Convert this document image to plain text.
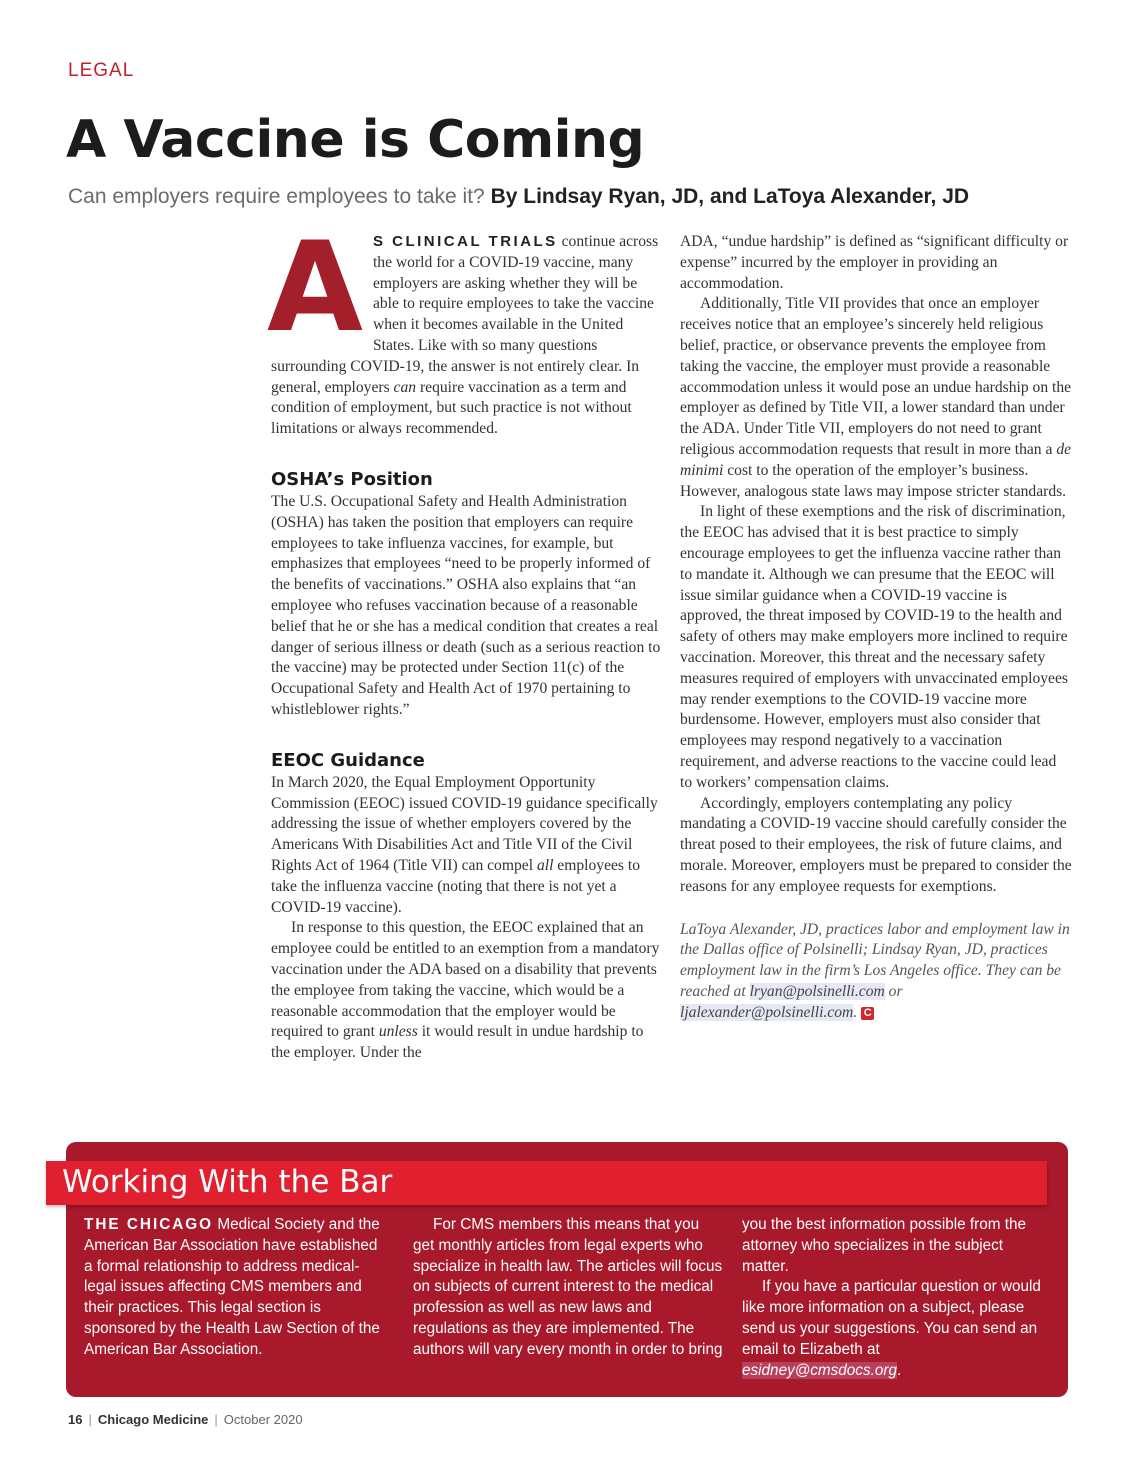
LEGAL
A Vaccine is Coming
Can employers require employees to take it? By Lindsay Ryan, JD, and LaToya Alexander, JD

A S CLINICAL TRIALS continue across the world for a COVID-19 vaccine, many employers are asking whether they will be able to require employees to take the vaccine when it becomes available in the United States. Like with so many questions surrounding COVID-19, the answer is not entirely clear. In general, employers can require vaccination as a term and condition of employment, but such practice is not without limitations or always recommended.

OSHA’s Position

The U.S. Occupational Safety and Health Administration (OSHA) has taken the position that employers can require employees to take influenza vaccines, for example, but emphasizes that employees “need to be properly informed of the benefits of vaccinations.” OSHA also explains that “an employee who refuses vaccination because of a reasonable belief that he or she has a medical condition that creates a real danger of serious illness or death (such as a serious reaction to the vaccine) may be protected under Section 11(c) of the Occupational Safety and Health Act of 1970 pertaining to whistleblower rights.”

EEOC Guidance

In March 2020, the Equal Employment Opportunity Commission (EEOC) issued COVID-19 guidance specifically addressing the issue of whether employers covered by the Americans With Disabilities Act and Title VII of the Civil Rights Act of 1964 (Title VII) can compel all employees to take the influenza vaccine (noting that there is not yet a COVID-19 vaccine).

In response to this question, the EEOC explained that an employee could be entitled to an exemption from a mandatory vaccination under the ADA based on a disability that prevents the employee from taking the vaccine, which would be a reasonable accommodation that the employer would be required to grant unless it would result in undue hardship to the employer. Under the

ADA, “undue hardship” is defined as “significant difficulty or expense” incurred by the employer in providing an accommodation.

Additionally, Title VII provides that once an employer receives notice that an employee’s sincerely held religious belief, practice, or observance prevents the employee from taking the vaccine, the employer must provide a reasonable accommodation unless it would pose an undue hardship on the employer as defined by Title VII, a lower standard than under the ADA. Under Title VII, employers do not need to grant religious accommodation requests that result in more than a de minimi cost to the operation of the employer’s business. However, analogous state laws may impose stricter standards.

In light of these exemptions and the risk of discrimination, the EEOC has advised that it is best practice to simply encourage employees to get the influenza vaccine rather than to mandate it. Although we can presume that the EEOC will issue similar guidance when a COVID-19 vaccine is approved, the threat imposed by COVID-19 to the health and safety of others may make employers more inclined to require vaccination. Moreover, this threat and the necessary safety measures required of employers with unvaccinated employees may render exemptions to the COVID-19 vaccine more burdensome. However, employers must also consider that employees may respond negatively to a vaccination requirement, and adverse reactions to the vaccine could lead to workers’ compensation claims.

Accordingly, employers contemplating any policy mandating a COVID-19 vaccine should carefully consider the threat posed to their employees, the risk of future claims, and morale. Moreover, employers must be prepared to consider the reasons for any employee requests for exemptions.

LaToya Alexander, JD, practices labor and employment law in the Dallas office of Polsinelli; Lindsay Ryan, JD, practices employment law in the firm’s Los Angeles office. They can be reached at lryan@polsinelli.com or ljalexander@polsinelli.com. C

Working With the Bar

THE CHICAGO Medical Society and the American Bar Association have established a formal relationship to address medical-legal issues affecting CMS members and their practices. This legal section is sponsored by the Health Law Section of the American Bar Association.

For CMS members this means that you get monthly articles from legal experts who specialize in health law. The articles will focus on subjects of current interest to the medical profession as well as new laws and regulations as they are implemented. The authors will vary every month in order to bring

you the best information possible from the attorney who specializes in the subject matter.

If you have a particular question or would like more information on a subject, please send us your suggestions. You can send an email to Elizabeth at esidney@cmsdocs.org.

16 | Chicago Medicine | October 2020
